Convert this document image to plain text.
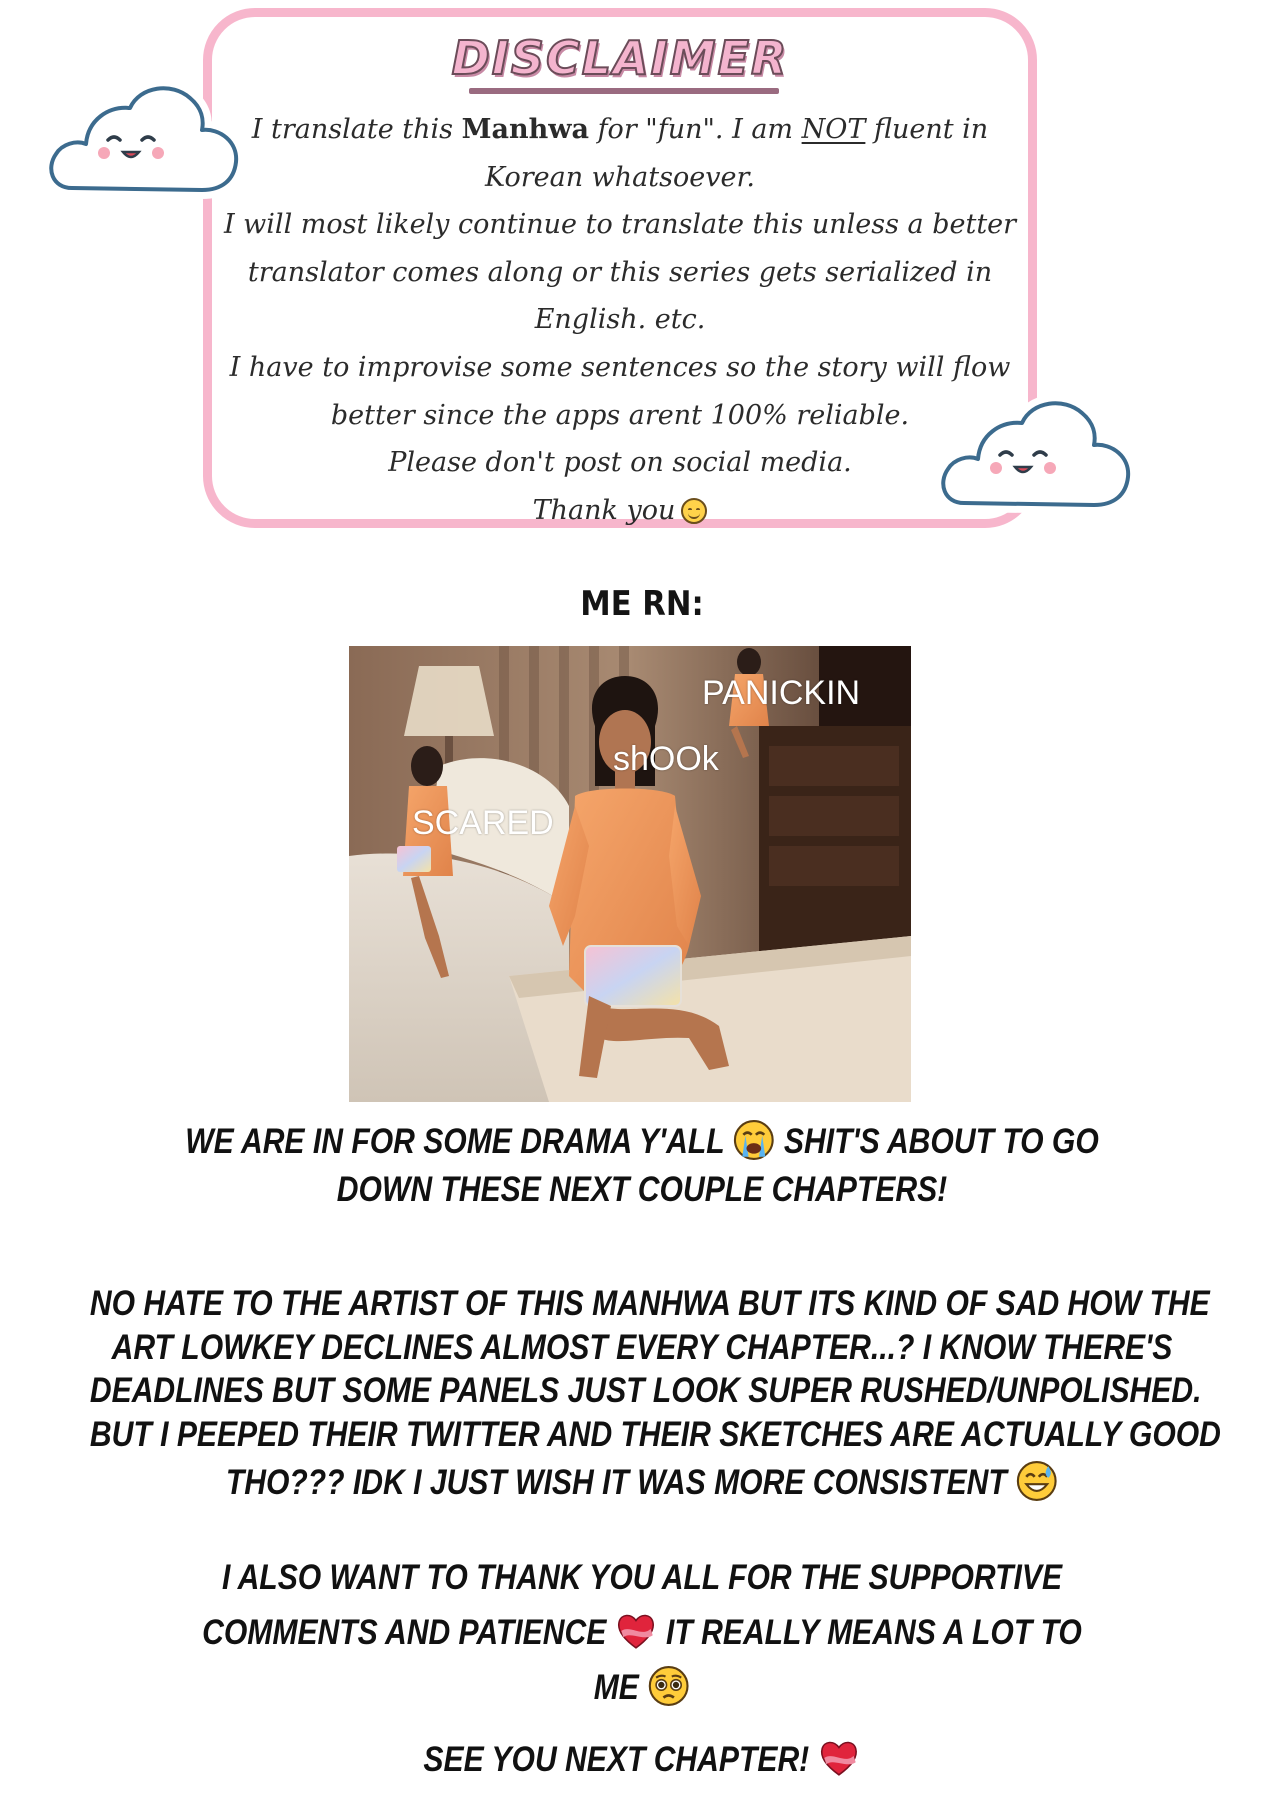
DISCLAIMER
I translate this Manhwa for "fun". I am NOT fluent in
Korean whatsoever.
I will most likely continue to translate this unless a better
translator comes along or this series gets serialized in
English. etc.
I have to improvise some sentences so the story will flow
better since the apps arent 100% reliable.
Please don't post on social media.
Thank you
ME RN:
PANICKIN
shOOk
SCARED
WE ARE IN FOR SOME DRAMA Y'ALL SHIT'S ABOUT TO GO
DOWN THESE NEXT COUPLE CHAPTERS!
NO HATE TO THE ARTIST OF THIS MANHWA BUT ITS KIND OF SAD HOW THE
ART LOWKEY DECLINES ALMOST EVERY CHAPTER...? I KNOW THERE'S
DEADLINES BUT SOME PANELS JUST LOOK SUPER RUSHED/UNPOLISHED.
BUT I PEEPED THEIR TWITTER AND THEIR SKETCHES ARE ACTUALLY GOOD
THO??? IDK I JUST WISH IT WAS MORE CONSISTENT
I ALSO WANT TO THANK YOU ALL FOR THE SUPPORTIVE
COMMENTS AND PATIENCE IT REALLY MEANS A LOT TO
ME
SEE YOU NEXT CHAPTER!
